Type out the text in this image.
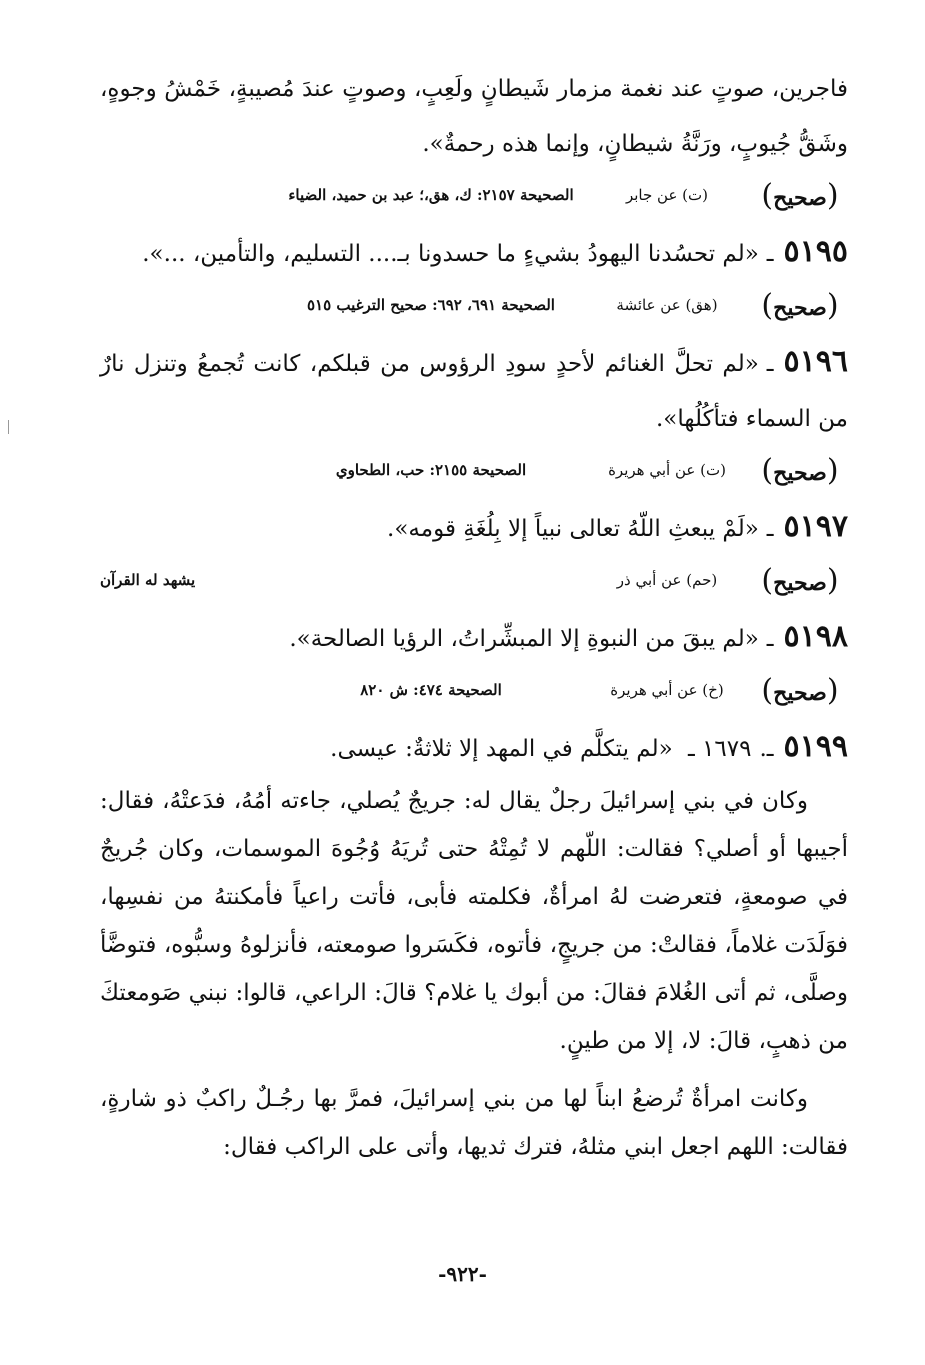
فاجرين، صوتٍ عند نغمة مزمار شَيطانٍ ولَعِبٍ، وصوتٍ عندَ مُصيبةٍ، خَمْشُ وجوهٍ، وشَقُّ جُيوبٍ، ورَنَّةُ شيطانٍ، وإنما هذه رحمةٌ».

(صحيح)
(ت) عن جابر
الصحيحة ٢١٥٧: ك، هق،؛ عبد بن حميد، الضياء

٥١٩٥ـ«لم تحسُدنا اليهودُ بشيءٍ ما حسدونا بـ.... التسليم، والتأمين، ...».

(صحيح)
(هق) عن عائشة
الصحيحة ٦٩١، ٦٩٢: صحيح الترغيب ٥١٥

٥١٩٦ـ«لم تحلَّ الغنائم لأحدٍ سودِ الرؤوس من قبلكم، كانت تُجمعُ وتنزل نارٌ من السماء فتأكُلُها».

(صحيح)
(ت) عن أبي هريرة
الصحيحة ٢١٥٥: حب، الطحاوي

٥١٩٧ـ«لَمْ يبعثِ اللّهُ تعالى نبياً إلا بِلُغَةِ قومه».

(صحيح)
(حم) عن أبي ذر
يشهد له القرآن

٥١٩٨ـ«لم يبقَ من النبوةِ إلا المبشِّراتُ، الرؤيا الصالحة».

(صحيح)
(خ) عن أبي هريرة
الصحيحة ٤٧٤: ش ٨٢٠

٥١٩٩ـ.١٦٧٩ ـ «لم يتكلَّم في المهد إلا ثلاثةٌ: عيسى.

وكان في بني إسرائيلَ رجلٌ يقال له: جريجٌ يُصلي، جاءته أمُهُ، فدَعتْهُ، فقال: أجيبها أو أصلي؟ فقالت: اللّهم لا تُمِتْهُ حتى تُريَهُ وُجُوهَ الموسمات، وكان جُريجٌ في صومعةٍ، فتعرضت لهُ امرأةٌ، فكلمته فأبى، فأتت راعياً فأمكنتهُ من نفسِها، فوَلَدَت غلاماً، فقالتْ: من جريجٍ، فأتوه، فكَسَروا صومعته، فأنزلوهُ وسبُّوه، فتوضَّأ وصلَّى، ثم أتى الغُلامَ فقالَ: من أبوك يا غلام؟ قالَ: الراعي، قالوا: نبني صَومعتكَ من ذهبٍ، قالَ: لا، إلا من طينٍ.

وكانت امرأةٌ تُرضعُ ابناً لها من بني إسرائيلَ، فمرَّ بها رجُـلٌ راكبٌ ذو شارةٍ، فقالت: اللهم اجعل ابني مثلهُ، فترك ثديها، وأتى على الراكب فقال:

-٩٢٢-
